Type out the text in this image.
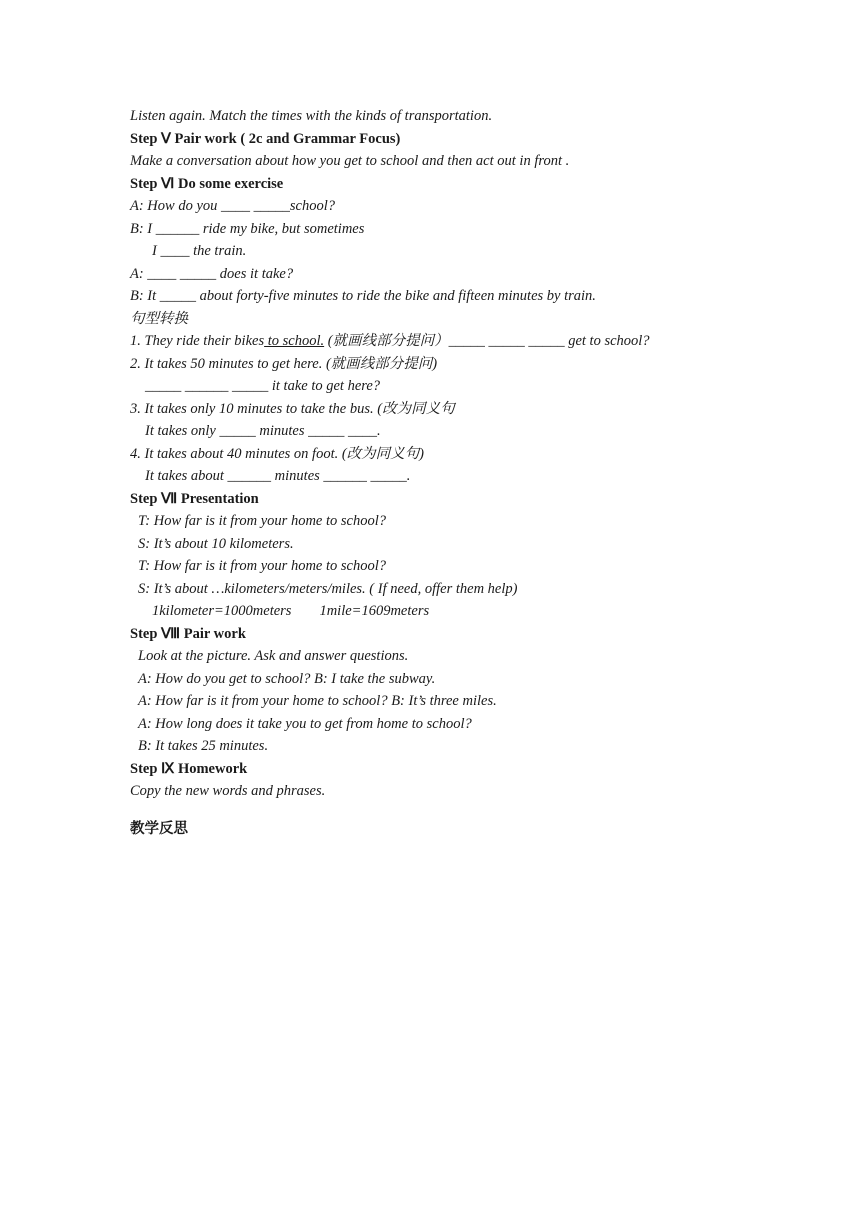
Listen again. Match the times with the kinds of transportation.
Step Ⅴ Pair work ( 2c and Grammar Focus)
Make a conversation about how you get to school and then act out in front .
Step Ⅵ Do some exercise
A: How do you ____ _____school?
B: I ______ ride my bike, but sometimes
I ____ the train.
A: ____ _____ does it take?
B: It _____ about forty-five minutes to ride the bike and fifteen minutes by train.
句型转换
1. They ride their bikes to school. (就画线部分提问）_____ _____ _____ get to school?
2. It takes 50 minutes to get here. (就画线部分提问)
_____ ______ _____ it take to get here?
3. It takes only 10 minutes to take the bus. (改为同义句
It takes only _____ minutes _____ ____.
4. It takes about 40 minutes on foot. (改为同义句)
It takes about ______ minutes ______ _____.
Step Ⅶ Presentation
T: How far is it from your home to school?
S: It’s about 10 kilometers.
T: How far is it from your home to school?
S: It’s about …kilometers/meters/miles. ( If need, offer them help)
1kilometer=1000meters 1mile=1609meters
Step Ⅷ Pair work
Look at the picture. Ask and answer questions.
A: How do you get to school? B: I take the subway.
A: How far is it from your home to school? B: It’s three miles.
A: How long does it take you to get from home to school?
B: It takes 25 minutes.
Step Ⅸ Homework
Copy the new words and phrases.
教学反思
